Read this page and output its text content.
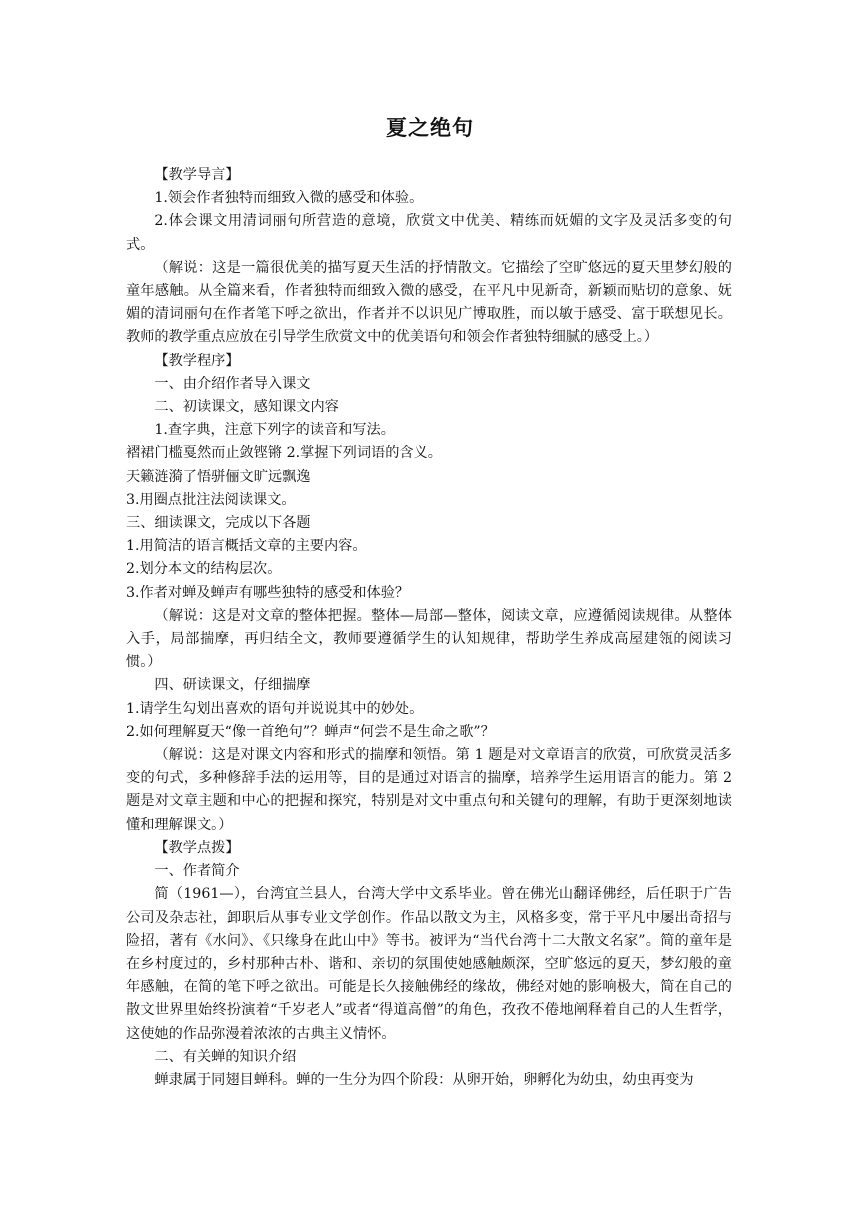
夏之绝句

【教学导言】

1.领会作者独特而细致入微的感受和体验。

2.体会课文用清词丽句所营造的意境，欣赏文中优美、精练而妩媚的文字及灵活多变的句式。

（解说：这是一篇很优美的描写夏天生活的抒情散文。它描绘了空旷悠远的夏天里梦幻般的童年感触。从全篇来看，作者独特而细致入微的感受，在平凡中见新奇，新颖而贴切的意象、妩媚的清词丽句在作者笔下呼之欲出，作者并不以识见广博取胜，而以敏于感受、富于联想见长。教师的教学重点应放在引导学生欣赏文中的优美语句和领会作者独特细腻的感受上。）

【教学程序】

一、由介绍作者导入课文

二、初读课文，感知课文内容

1.查字典，注意下列字的读音和写法。

褶裙门槛戛然而止敛铿锵 2.掌握下列词语的含义。

天籁涟漪了悟骈俪文旷远飘逸

3.用圈点批注法阅读课文。

三、细读课文，完成以下各题

1.用简洁的语言概括文章的主要内容。

2.划分本文的结构层次。

3.作者对蝉及蝉声有哪些独特的感受和体验？

（解说：这是对文章的整体把握。整体—局部—整体，阅读文章，应遵循阅读规律。从整体入手，局部揣摩，再归结全文，教师要遵循学生的认知规律，帮助学生养成高屋建瓴的阅读习惯。）

四、研读课文，仔细揣摩

1.请学生勾划出喜欢的语句并说说其中的妙处。

2.如何理解夏天“像一首绝句”？蝉声“何尝不是生命之歌”？

（解说：这是对课文内容和形式的揣摩和领悟。第 1 题是对文章语言的欣赏，可欣赏灵活多变的句式，多种修辞手法的运用等，目的是通过对语言的揣摩，培养学生运用语言的能力。第 2 题是对文章主题和中心的把握和探究，特别是对文中重点句和关键句的理解，有助于更深刻地读懂和理解课文。）

【教学点拨】

一、作者简介

简（1961—），台湾宜兰县人，台湾大学中文系毕业。曾在佛光山翻译佛经，后任职于广告公司及杂志社，卸职后从事专业文学创作。作品以散文为主，风格多变，常于平凡中屡出奇招与险招，著有《水问》、《只缘身在此山中》等书。被评为“当代台湾十二大散文名家”。简的童年是在乡村度过的，乡村那种古朴、谐和、亲切的氛围使她感触颇深，空旷悠远的夏天，梦幻般的童年感触，在简的笔下呼之欲出。可能是长久接触佛经的缘故，佛经对她的影响极大，简在自己的散文世界里始终扮演着“千岁老人”或者“得道高僧”的角色，孜孜不倦地阐释着自己的人生哲学，这使她的作品弥漫着浓浓的古典主义情怀。

二、有关蝉的知识介绍

蝉隶属于同翅目蝉科。蝉的一生分为四个阶段：从卵开始，卵孵化为幼虫，幼虫再变为
